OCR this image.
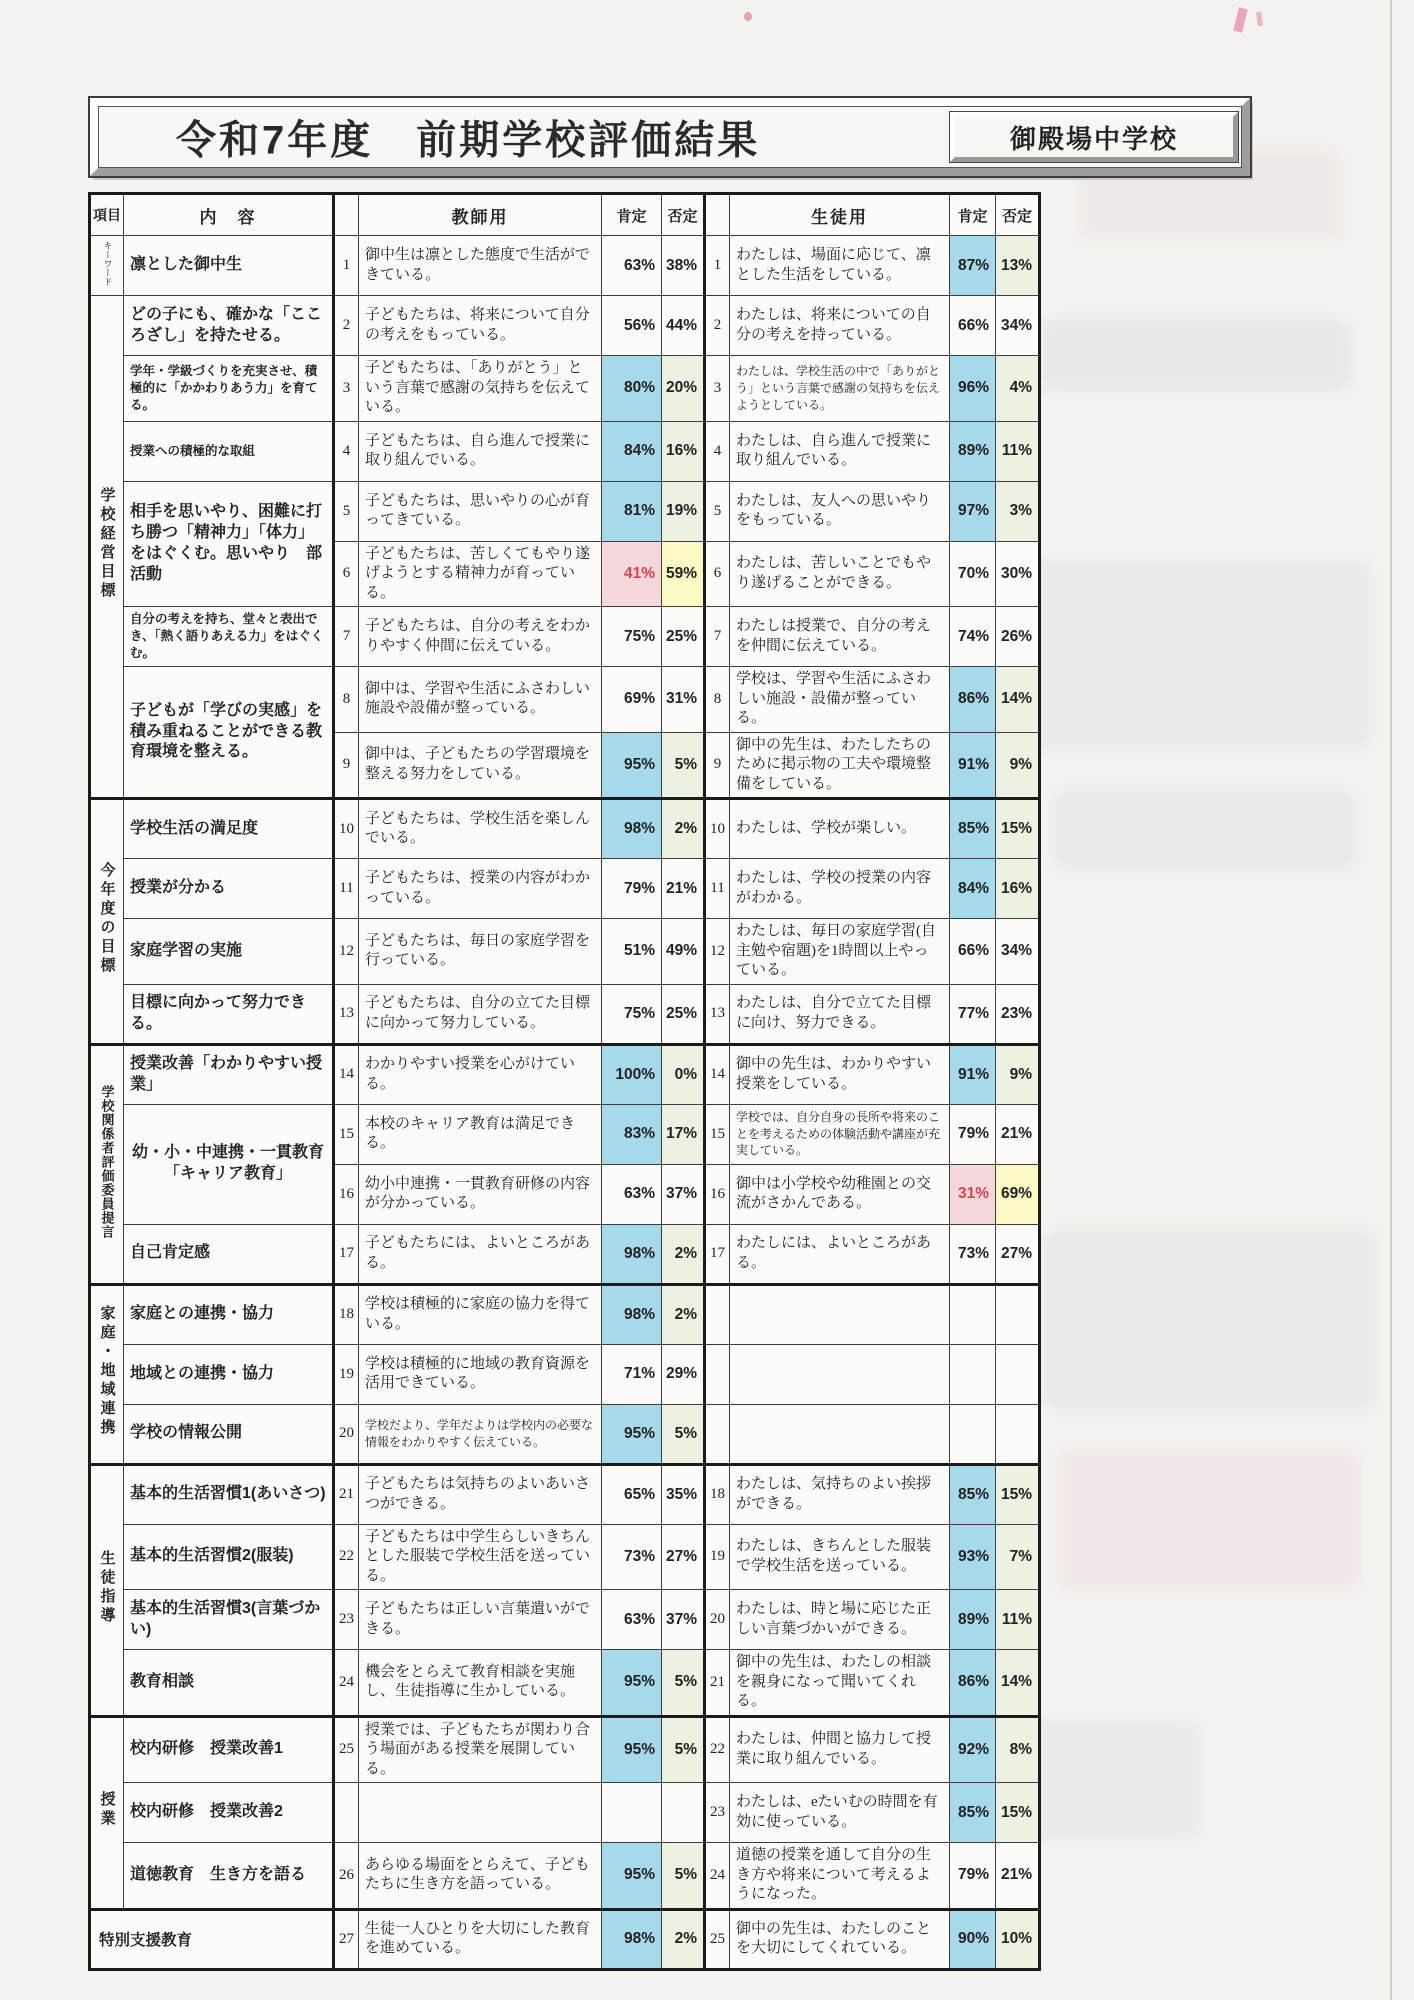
令和7年度　前期学校評価結果	御殿場中学校
項目	内　容		教師用	肯定	否定		生徒用	肯定	否定
キーワード	凛とした御中生	1	御中生は凛とした態度で生活ができている。	63%	38%	1	わたしは、場面に応じて、凛とした生活をしている。	87%	13%
学校経営目標	どの子にも、確かな「こころざし」を持たせる。	2	子どもたちは、将来について自分の考えをもっている。	56%	44%	2	わたしは、将来についての自分の考えを持っている。	66%	34%
	学年・学級づくりを充実させ、積極的に「かかわりあう力」を育てる。	3	子どもたちは、「ありがとう」という言葉で感謝の気持ちを伝えている。	80%	20%	3	わたしは、学校生活の中で「ありがとう」という言葉で感謝の気持ちを伝えようとしている。	96%	4%
	授業への積極的な取組	4	子どもたちは、自ら進んで授業に取り組んでいる。	84%	16%	4	わたしは、自ら進んで授業に取り組んでいる。	89%	11%
	相手を思いやり、困難に打ち勝つ「精神力」「体力」をはぐくむ。思いやり　部活動	5	子どもたちは、思いやりの心が育ってきている。	81%	19%	5	わたしは、友人への思いやりをもっている。	97%	3%
		6	子どもたちは、苦しくてもやり遂げようとする精神力が育っている。	41%	59%	6	わたしは、苦しいことでもやり遂げることができる。	70%	30%
	自分の考えを持ち、堂々と表出でき、「熱く語りあえる力」をはぐくむ。	7	子どもたちは、自分の考えをわかりやすく仲間に伝えている。	75%	25%	7	わたしは授業で、自分の考えを仲間に伝えている。	74%	26%
	子どもが「学びの実感」を積み重ねることができる教育環境を整える。	8	御中は、学習や生活にふさわしい施設や設備が整っている。	69%	31%	8	学校は、学習や生活にふさわしい施設・設備が整っている。	86%	14%
		9	御中は、子どもたちの学習環境を整える努力をしている。	95%	5%	9	御中の先生は、わたしたちのために掲示物の工夫や環境整備をしている。	91%	9%
今年度の目標	学校生活の満足度	10	子どもたちは、学校生活を楽しんでいる。	98%	2%	10	わたしは、学校が楽しい。	85%	15%
	授業が分かる	11	子どもたちは、授業の内容がわかっている。	79%	21%	11	わたしは、学校の授業の内容がわかる。	84%	16%
	家庭学習の実施	12	子どもたちは、毎日の家庭学習を行っている。	51%	49%	12	わたしは、毎日の家庭学習(自主勉や宿題)を1時間以上やっている。	66%	34%
	目標に向かって努力できる。	13	子どもたちは、自分の立てた目標に向かって努力している。	75%	25%	13	わたしは、自分で立てた目標に向け、努力できる。	77%	23%
学校関係者評価委員提言	授業改善「わかりやすい授業」	14	わかりやすい授業を心がけている。	100%	0%	14	御中の先生は、わかりやすい授業をしている。	91%	9%
	幼・小・中連携・一貫教育「キャリア教育」	15	本校のキャリア教育は満足できる。	83%	17%	15	学校では、自分自身の長所や将来のことを考えるための体験活動や講座が充実している。	79%	21%
		16	幼小中連携・一貫教育研修の内容が分かっている。	63%	37%	16	御中は小学校や幼稚園との交流がさかんである。	31%	69%
	自己肯定感	17	子どもたちには、よいところがある。	98%	2%	17	わたしには、よいところがある。	73%	27%
家庭・地域連携	家庭との連携・協力	18	学校は積極的に家庭の協力を得ている。	98%	2%				
	地域との連携・協力	19	学校は積極的に地域の教育資源を活用できている。	71%	29%				
	学校の情報公開	20	学校だより、学年だよりは学校内の必要な情報をわかりやすく伝えている。	95%	5%				
生徒指導	基本的生活習慣1(あいさつ)	21	子どもたちは気持ちのよいあいさつができる。	65%	35%	18	わたしは、気持ちのよい挨拶ができる。	85%	15%
	基本的生活習慣2(服装)	22	子どもたちは中学生らしいきちんとした服装で学校生活を送っている。	73%	27%	19	わたしは、きちんとした服装で学校生活を送っている。	93%	7%
	基本的生活習慣3(言葉づかい)	23	子どもたちは正しい言葉遣いができる。	63%	37%	20	わたしは、時と場に応じた正しい言葉づかいができる。	89%	11%
	教育相談	24	機会をとらえて教育相談を実施し、生徒指導に生かしている。	95%	5%	21	御中の先生は、わたしの相談を親身になって聞いてくれる。	86%	14%
授業	校内研修　授業改善1	25	授業では、子どもたちが関わり合う場面がある授業を展開している。	95%	5%	22	わたしは、仲間と協力して授業に取り組んでいる。	92%	8%
	校内研修　授業改善2					23	わたしは、eたいむの時間を有効に使っている。	85%	15%
	道徳教育　生き方を語る	26	あらゆる場面をとらえて、子どもたちに生き方を語っている。	95%	5%	24	道徳の授業を通して自分の生き方や将来について考えるようになった。	79%	21%
特別支援教育		27	生徒一人ひとりを大切にした教育を進めている。	98%	2%	25	御中の先生は、わたしのことを大切にしてくれている。	90%	10%
